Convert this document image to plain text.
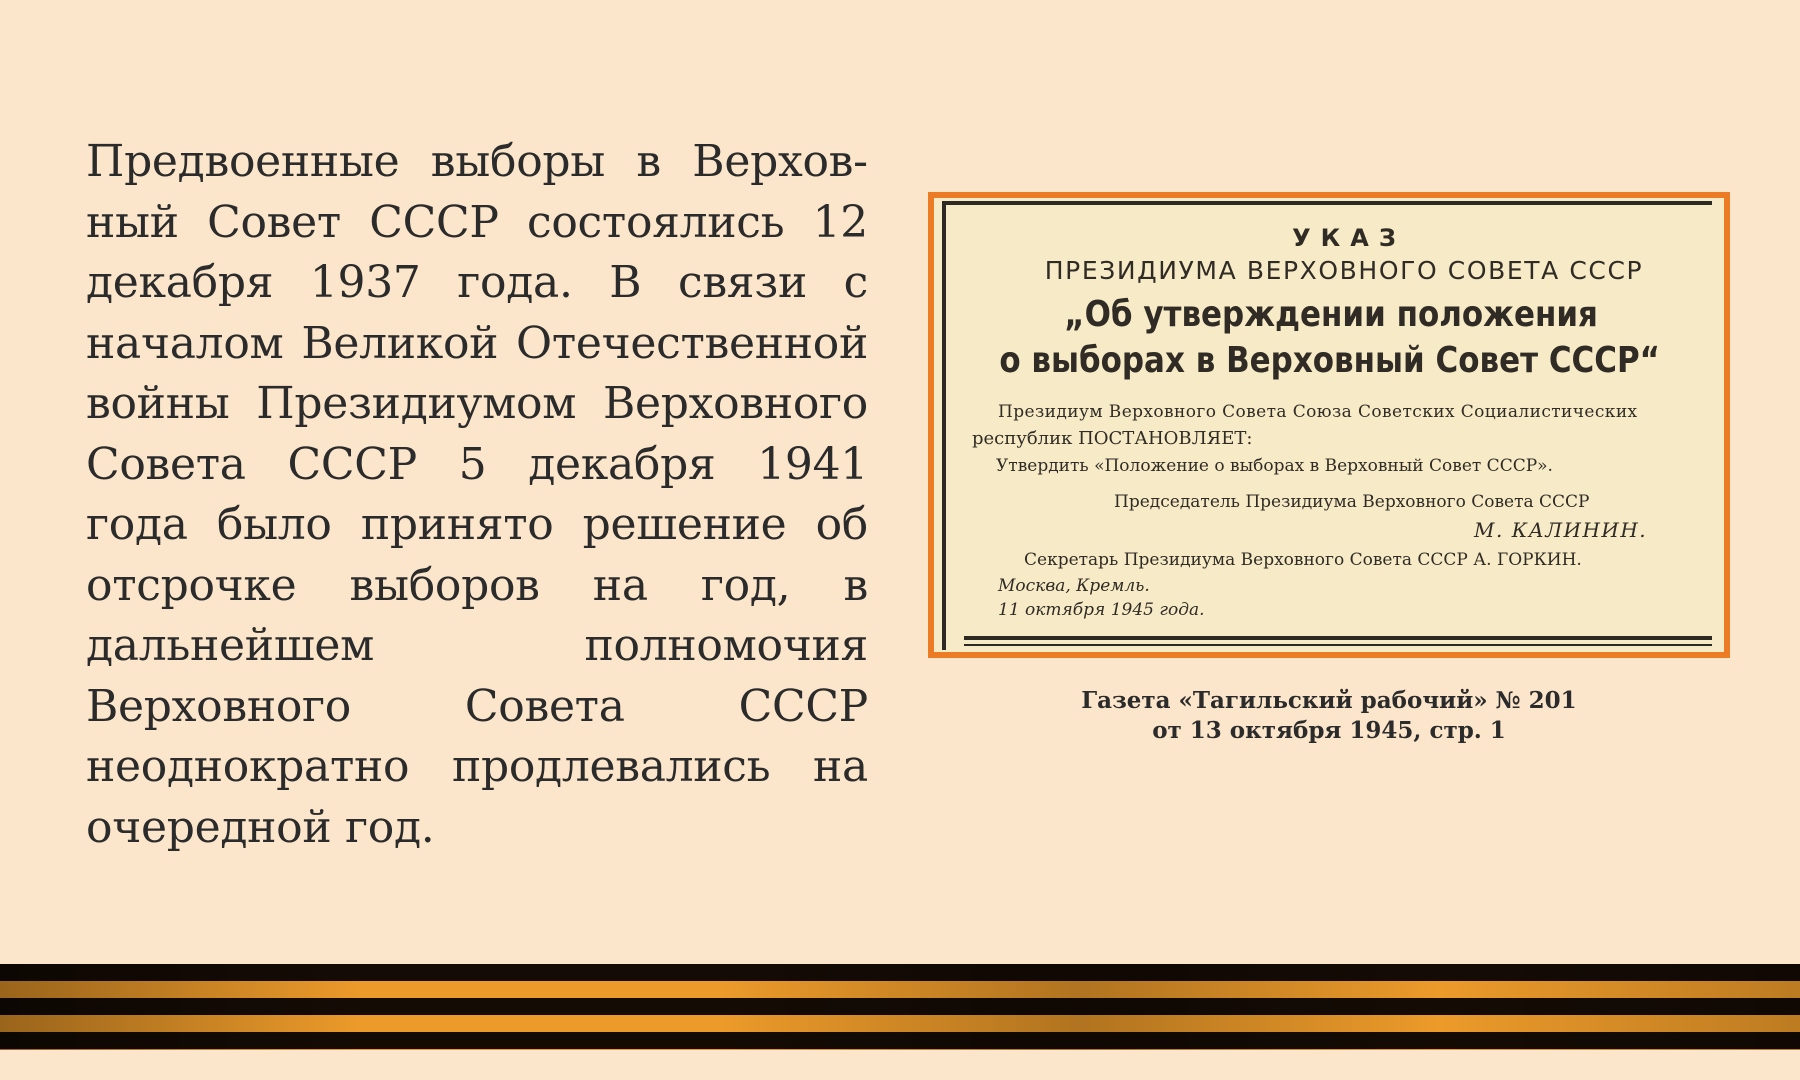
Предвоенные выборы в Верховный Совет СССР состоялись 12 декабря 1937 года. В связи с началом Великой Отечественной войны Президиумом Верховного Совета СССР 5 декабря 1941 года было принято решение об отсрочке выборов на год, в дальнейшем полномочия Верховного Совета СССР неоднократно продлевались на очередной год.
УКАЗ
ПРЕЗИДИУМА ВЕРХОВНОГО СОВЕТА СССР
„Об утверждении положения
о выборах в Верховный Совет СССР“
Президиум Верховного Совета Союза Советских Социалистических
республик ПОСТАНОВЛЯЕТ:
Утвердить «Положение о выборах в Верховный Совет СССР».
Председатель Президиума Верховного Совета СССР
М. КАЛИНИН.
Секретарь Президиума Верховного Совета СССР А. ГОРКИН.
Москва, Кремль.
11 октября 1945 года.
Газета «Тагильский рабочий» № 201
от 13 октября 1945, стр. 1
